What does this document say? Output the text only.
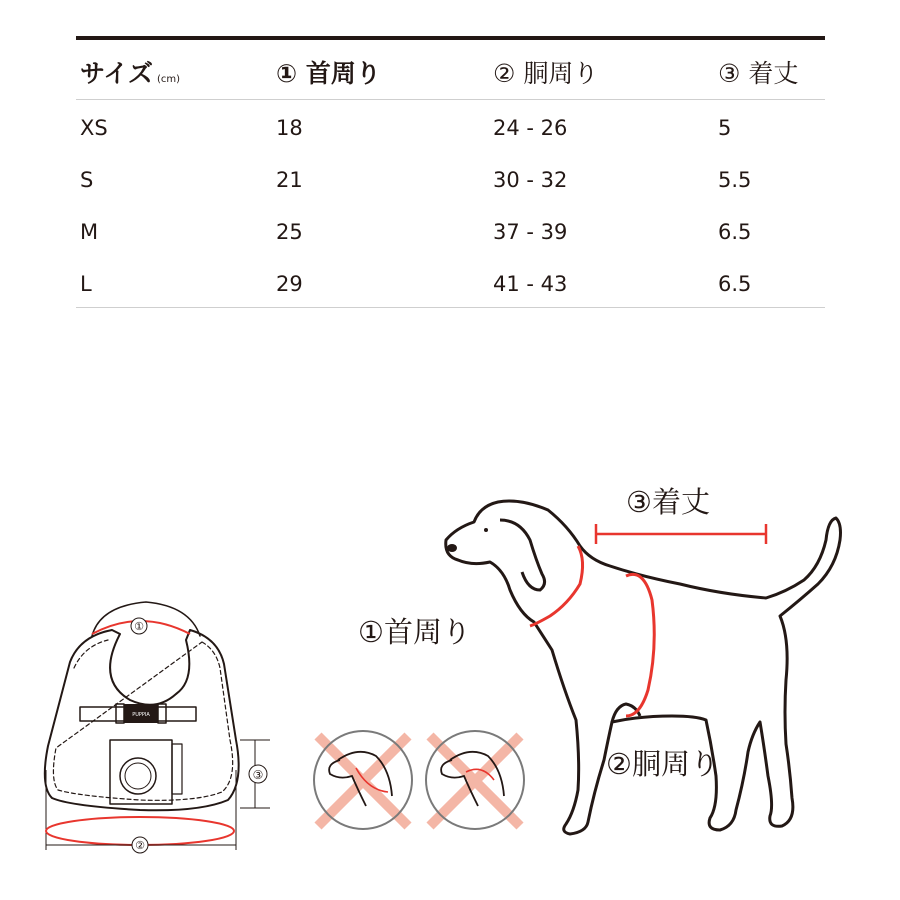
サイズ (cm)	① 首周り	② 胴周り	③ 着丈
XS	18	24 - 26	5
S	21	30 - 32	5.5
M	25	37 - 39	6.5
L	29	41 - 43	6.5
PUPPIA
①
③
②
③着丈
①首周り
②胴周り
